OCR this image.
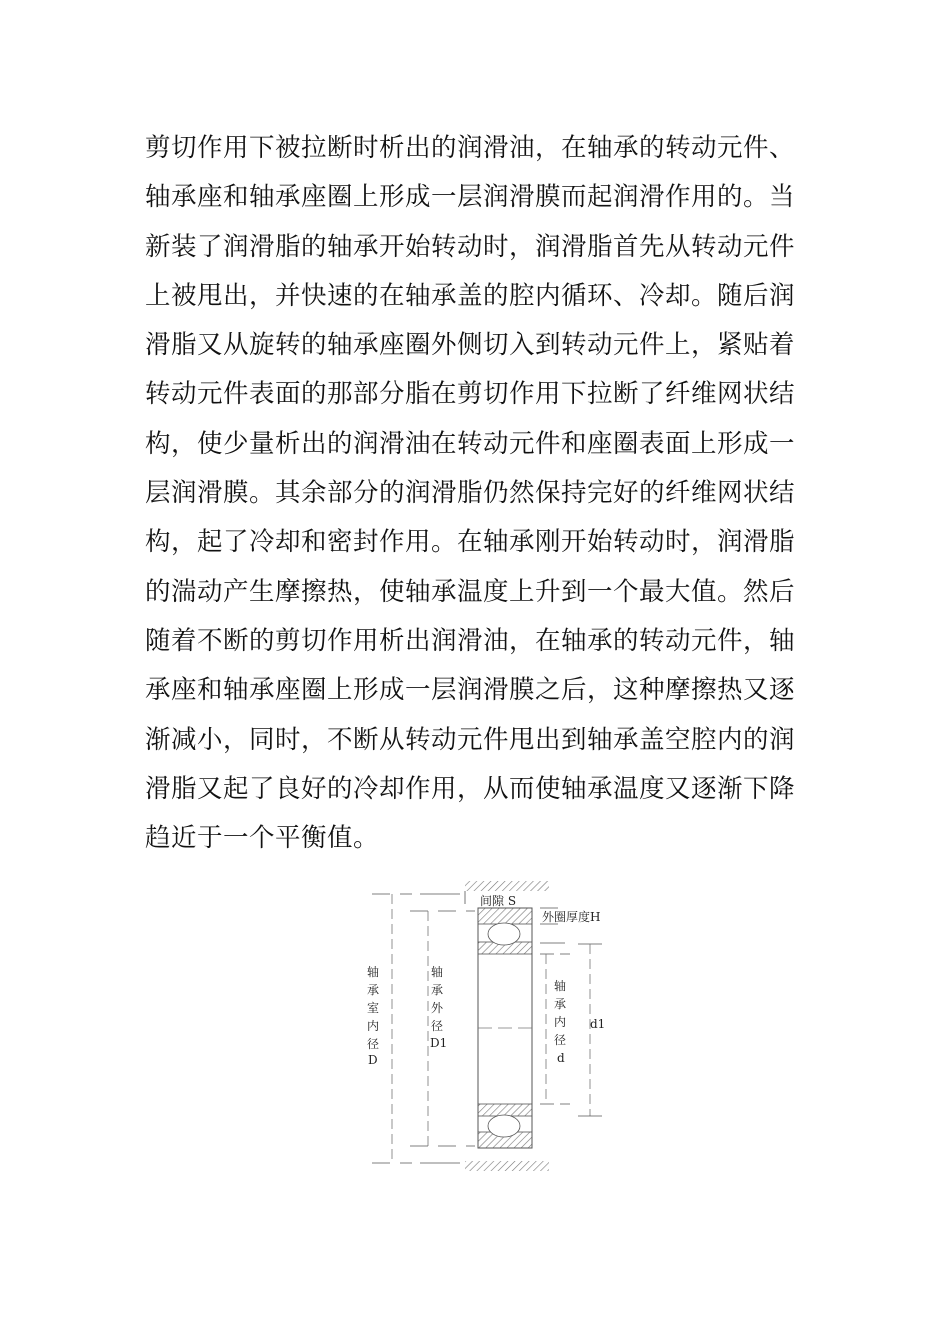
剪切作用下被拉断时析出的润滑油，在轴承的转动元件、
轴承座和轴承座圈上形成一层润滑膜而起润滑作用的。当
新装了润滑脂的轴承开始转动时，润滑脂首先从转动元件
上被甩出，并快速的在轴承盖的腔内循环、冷却。随后润
滑脂又从旋转的轴承座圈外侧切入到转动元件上，紧贴着
转动元件表面的那部分脂在剪切作用下拉断了纤维网状结
构，使少量析出的润滑油在转动元件和座圈表面上形成一
层润滑膜。其余部分的润滑脂仍然保持完好的纤维网状结
构，起了冷却和密封作用。在轴承刚开始转动时，润滑脂
的湍动产生摩擦热，使轴承温度上升到一个最大值。然后
随着不断的剪切作用析出润滑油，在轴承的转动元件，轴
承座和轴承座圈上形成一层润滑膜之后，这种摩擦热又逐
渐减小，同时，不断从转动元件甩出到轴承盖空腔内的润
滑脂又起了良好的冷却作用，从而使轴承温度又逐渐下降
趋近于一个平衡值。
间隙 S
外圈厚度H
轴
承
室
内
径
D
轴
承
外
径
D1
轴
承
内
径
d
d1
